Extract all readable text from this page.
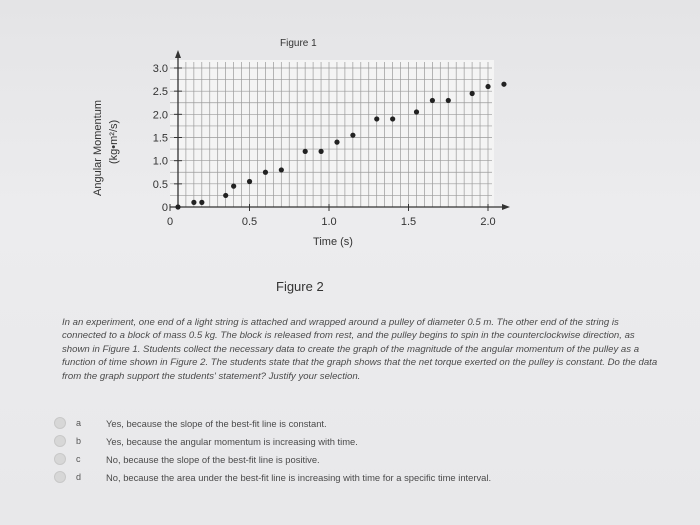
Figure 1
0
0.5
1.0
1.5
2.0
2.5
3.0
0	0.5	1.0	1.5	2.0
Time (s)
Angular Momentum (kg•m²/s)
Figure 2
In an experiment, one end of a light string is attached and wrapped around a pulley of diameter 0.5 m. The other end of the string is connected to a block of mass 0.5 kg. The block is released from rest, and the pulley begins to spin in the counterclockwise direction, as shown in Figure 1. Students collect the necessary data to create the graph of the magnitude of the angular momentum of the pulley as a function of time shown in Figure 2. The students state that the graph shows that the net torque exerted on the pulley is constant. Do the data from the graph support the students' statement? Justify your selection.
a	Yes, because the slope of the best-fit line is constant.
b	Yes, because the angular momentum is increasing with time.
c	No, because the slope of the best-fit line is positive.
d	No, because the area under the best-fit line is increasing with time for a specific time interval.
